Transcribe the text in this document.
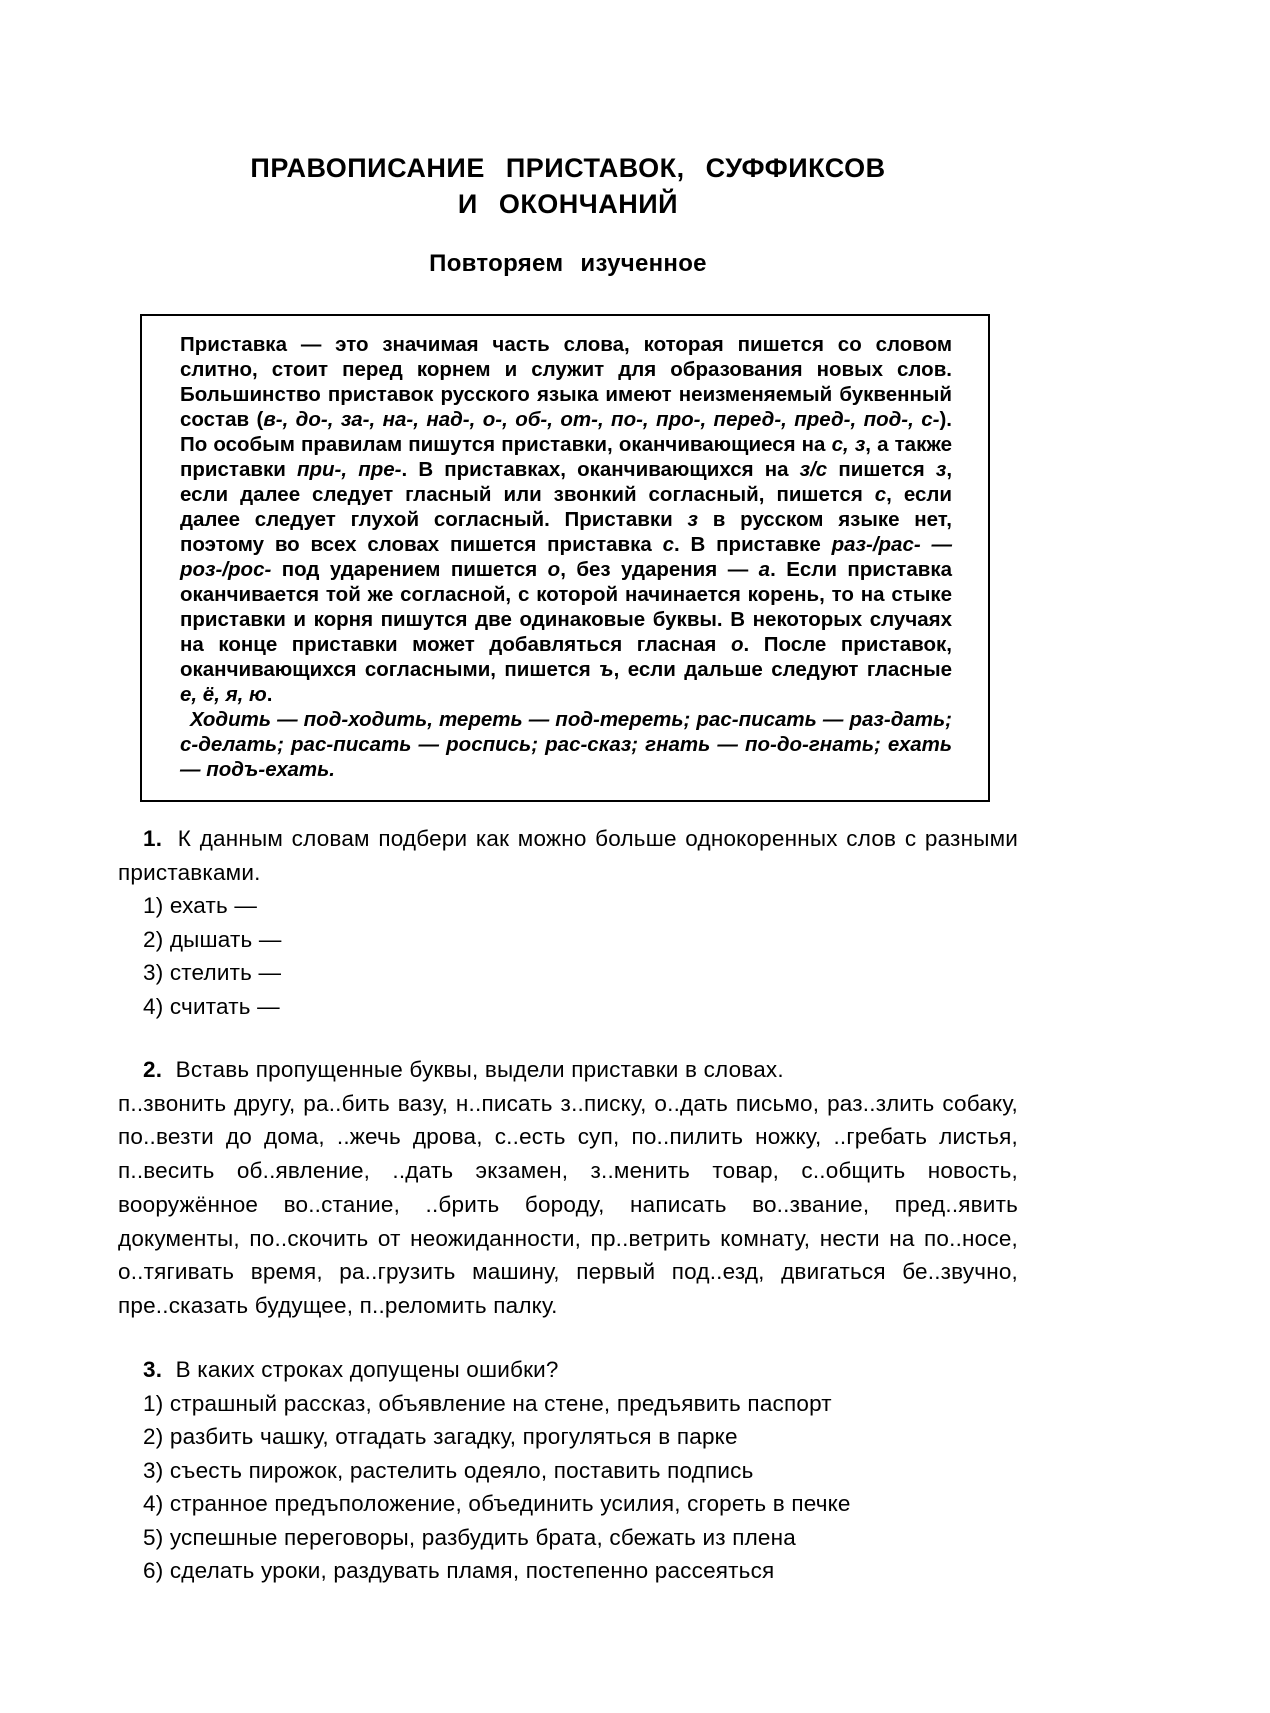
ПРАВОПИСАНИЕ ПРИСТАВОК, СУФФИКСОВ
И ОКОНЧАНИЙ
Повторяем изученное

Приставка — это значимая часть слова, которая пишется со словом слитно, стоит перед корнем и служит для образования новых слов. Большинство приставок русского языка имеют неизменяемый буквенный состав (в-, до-, за-, на-, над-, о-, об-, от-, по-, про-, перед-, пред-, под-, с-). По особым правилам пишутся приставки, оканчивающиеся на с, з, а также приставки при-, пре-. В приставках, оканчивающихся на з/с пишется з, если далее следует гласный или звонкий согласный, пишется с, если далее следует глухой согласный. Приставки з в русском языке нет, поэтому во всех словах пишется приставка с. В приставке раз-/рас- — роз-/рос- под ударением пишется о, без ударения — а. Если приставка оканчивается той же согласной, с которой начинается корень, то на стыке приставки и корня пишутся две одинаковые буквы. В некоторых случаях на конце приставки может добавляться гласная о. После приставок, оканчивающихся согласными, пишется ъ, если дальше следуют гласные е, ё, я, ю.

Ходить — под-ходить, тереть — под-тереть; рас-писать — раз-дать; с-делать; рас-писать — роспись; рас-сказ; гнать — по-до-гнать; ехать — подъ-ехать.

1. К данным словам подбери как можно больше однокоренных слов с разными приставками.

1) ехать —
2) дышать —
3) стелить —
4) считать —

2. Вставь пропущенные буквы, выдели приставки в словах.

п..звонить другу, ра..бить вазу, н..писать з..писку, о..дать письмо, раз..злить собаку, по..везти до дома, ..жечь дрова, с..есть суп, по..пилить ножку, ..гребать листья, п..весить об..явление, ..дать экзамен, з..менить товар, с..общить новость, вооружённое во..стание, ..брить бороду, написать во..звание, пред..явить документы, по..скочить от неожиданности, пр..ветрить комнату, нести на по..носе, о..тягивать время, ра..грузить машину, первый под..езд, двигаться бе..звучно, пре..сказать будущее, п..реломить палку.

3. В каких строках допущены ошибки?

1) страшный рассказ, объявление на стене, предъявить паспорт
2) разбить чашку, отгадать загадку, прогуляться в парке
3) съесть пирожок, растелить одеяло, поставить подпись
4) странное предъположение, объединить усилия, сгореть в печке
5) успешные переговоры, разбудить брата, сбежать из плена
6) сделать уроки, раздувать пламя, постепенно рассеяться
